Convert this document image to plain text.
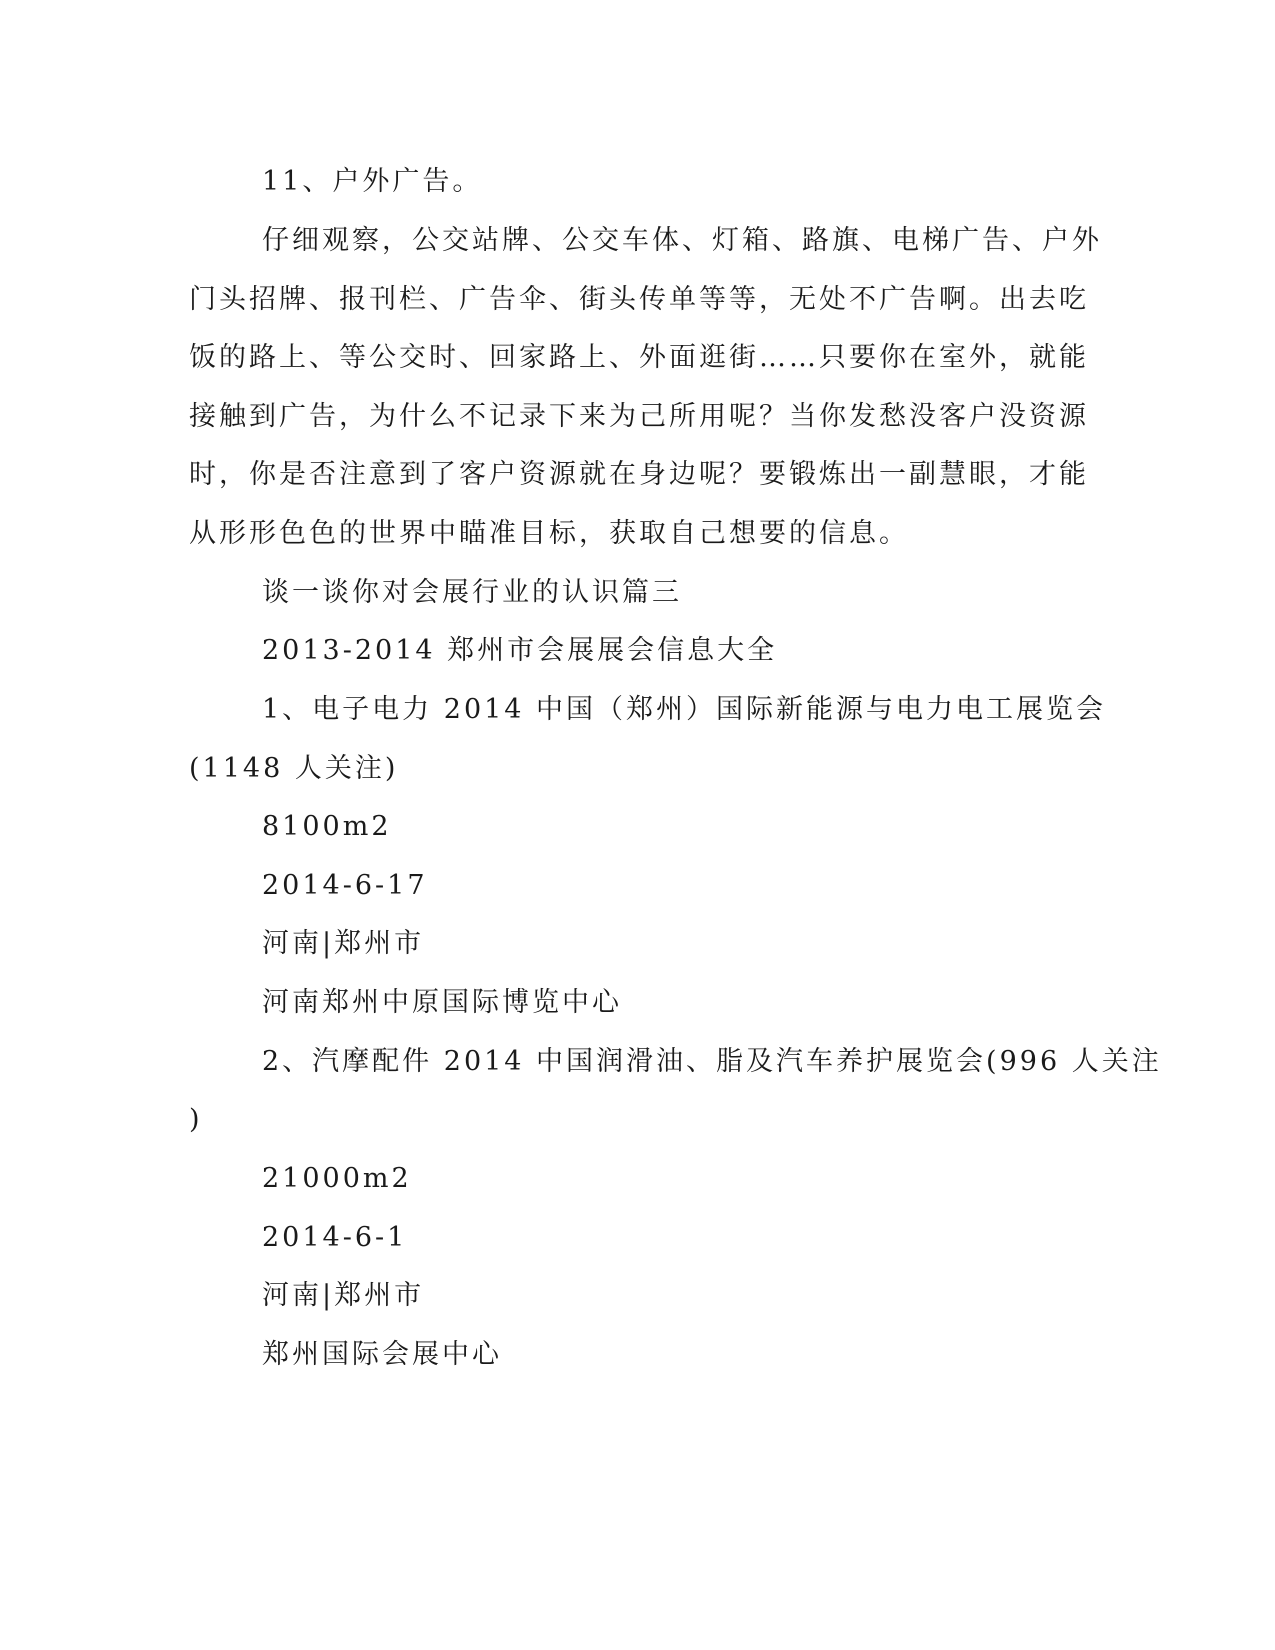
11、户外广告。
仔细观察，公交站牌、公交车体、灯箱、路旗、电梯广告、户外
门头招牌、报刊栏、广告伞、街头传单等等，无处不广告啊。出去吃
饭的路上、等公交时、回家路上、外面逛街……只要你在室外，就能
接触到广告，为什么不记录下来为己所用呢？当你发愁没客户没资源
时，你是否注意到了客户资源就在身边呢？要锻炼出一副慧眼，才能
从形形色色的世界中瞄准目标，获取自己想要的信息。
谈一谈你对会展行业的认识篇三
2013-2014 郑州市会展展会信息大全
1、电子电力 2014 中国（郑州）国际新能源与电力电工展览会
(1148 人关注)
8100m2
2014-6-17
河南|郑州市
河南郑州中原国际博览中心
2、汽摩配件 2014 中国润滑油、脂及汽车养护展览会(996 人关注
)
21000m2
2014-6-1
河南|郑州市
郑州国际会展中心
